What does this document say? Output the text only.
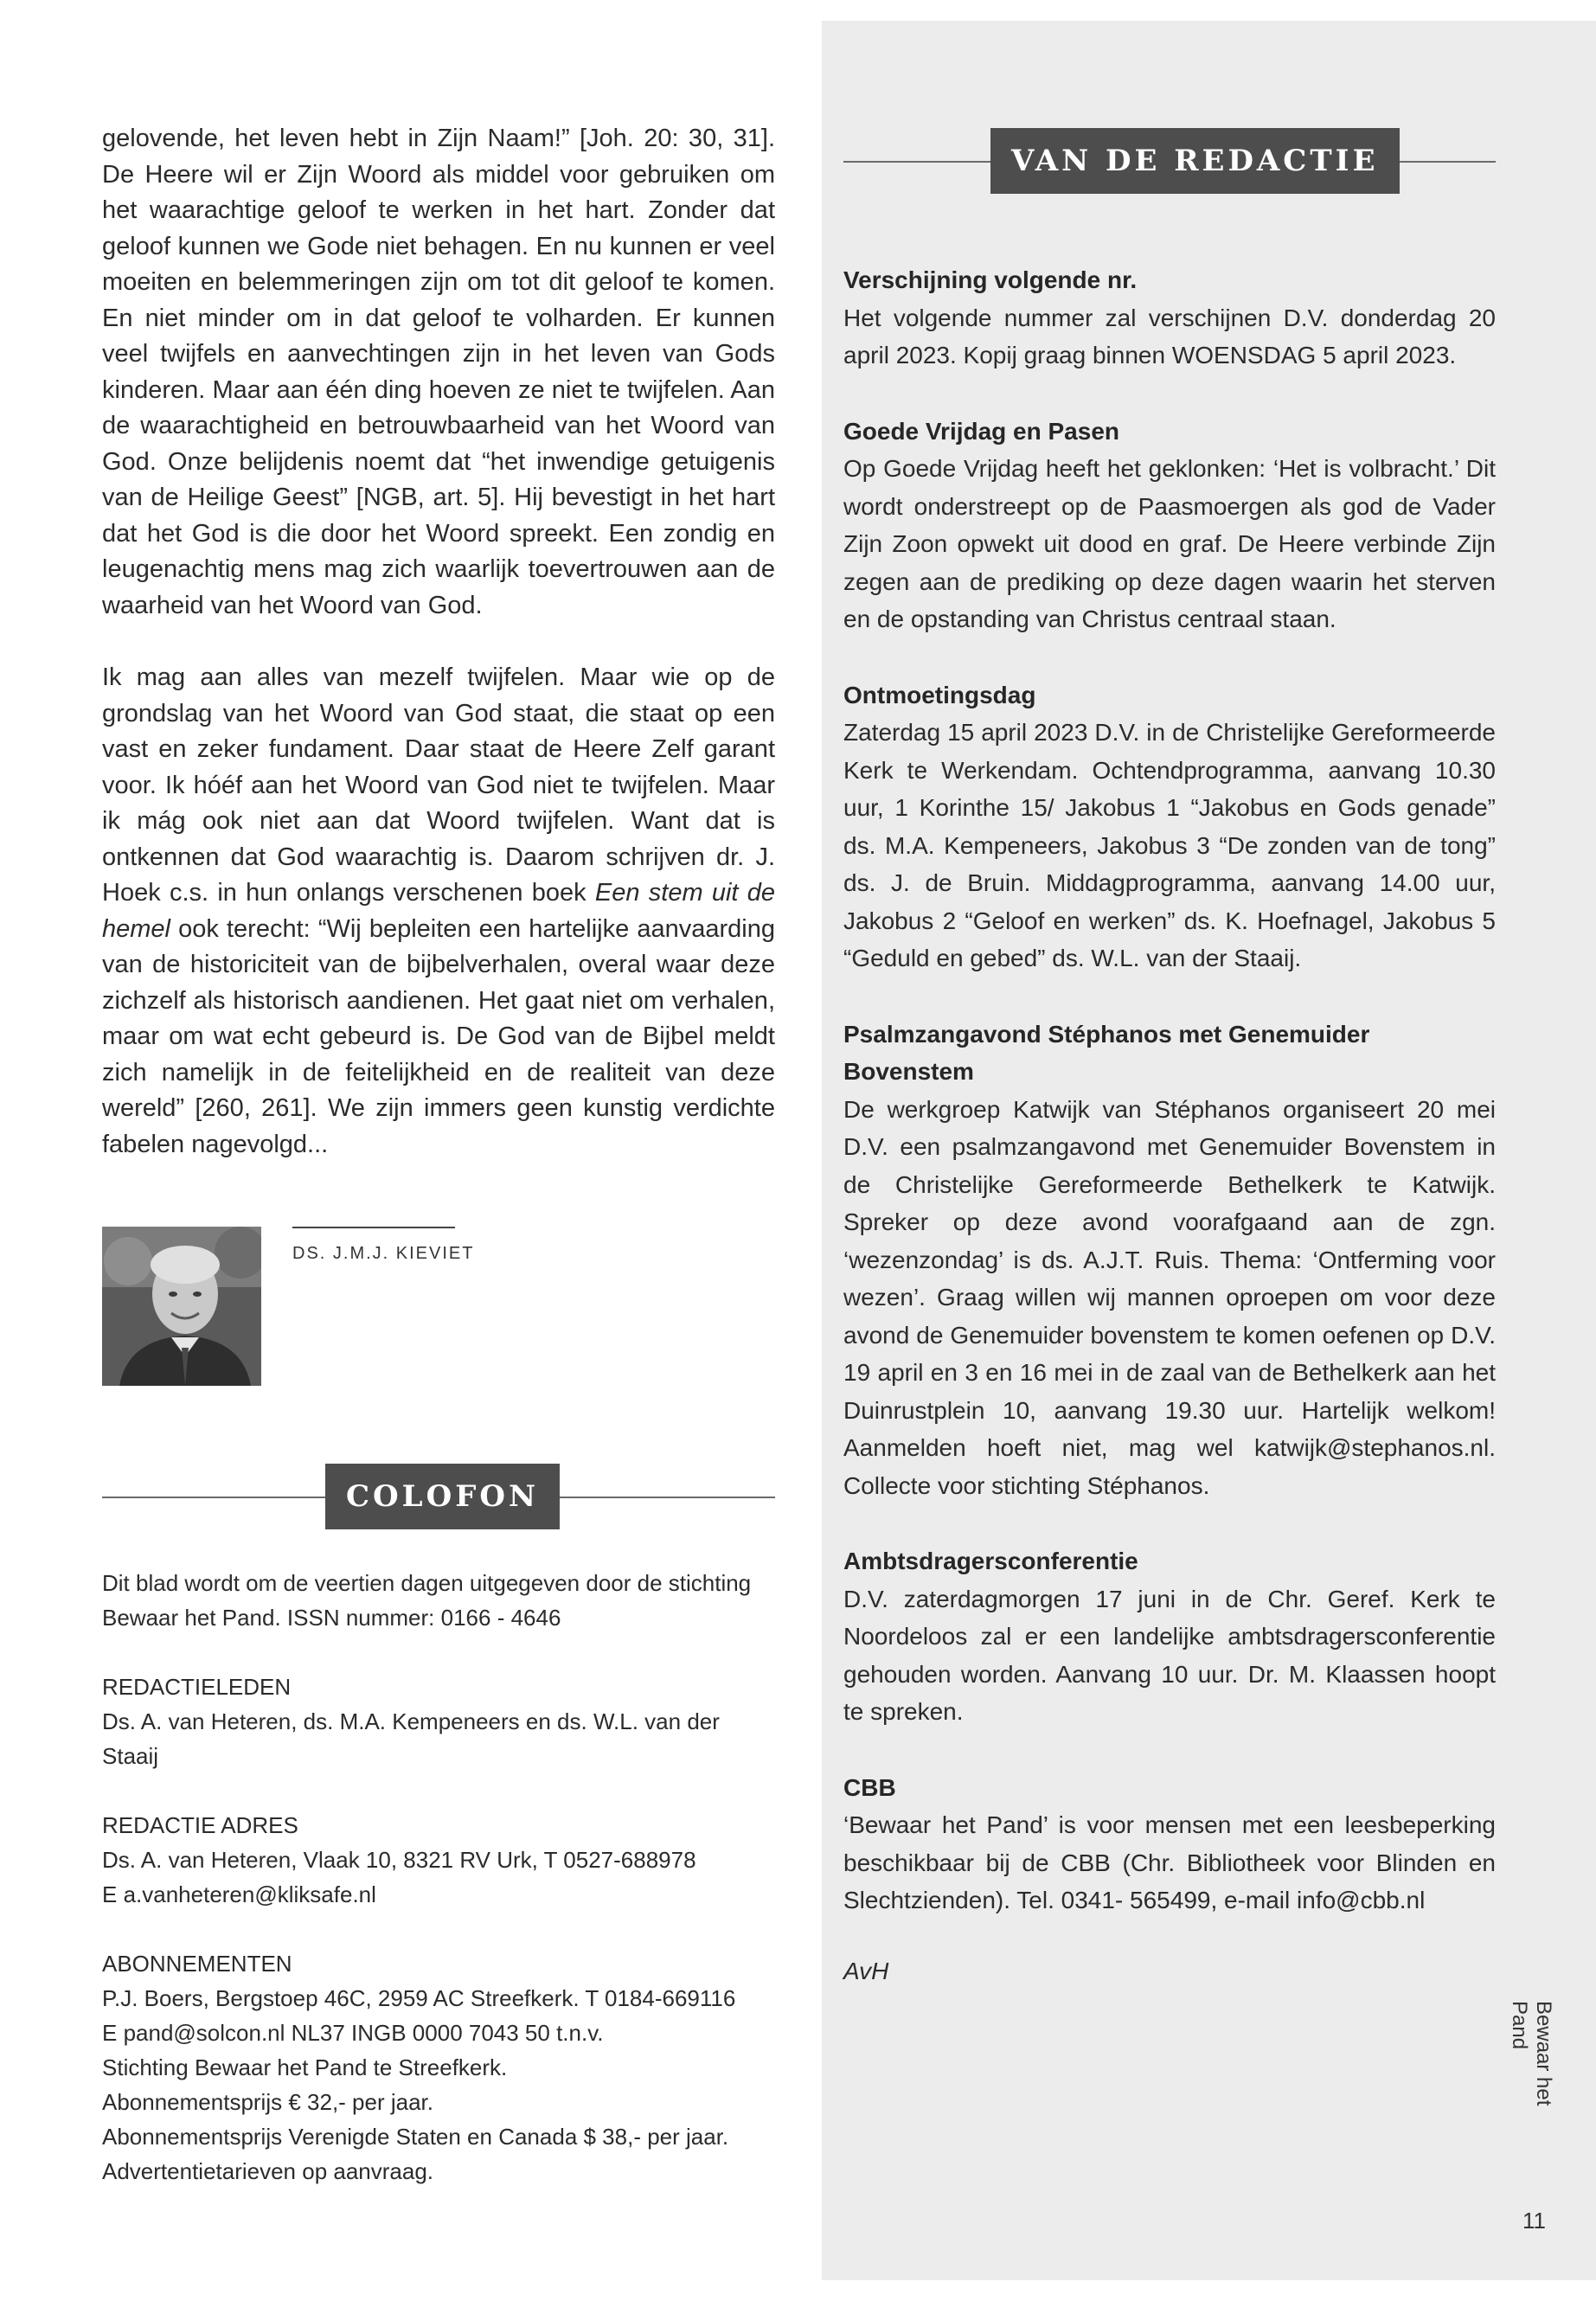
gelovende, het leven hebt in Zijn Naam!” [Joh. 20: 30, 31]. De Heere wil er Zijn Woord als middel voor gebruiken om het waarachtige geloof te werken in het hart. Zonder dat geloof kunnen we Gode niet behagen. En nu kunnen er veel moeiten en belemmeringen zijn om tot dit geloof te komen. En niet minder om in dat geloof te volharden. Er kunnen veel twijfels en aanvechtingen zijn in het leven van Gods kinderen. Maar aan één ding hoeven ze niet te twijfelen. Aan de waarachtigheid en betrouwbaarheid van het Woord van God. Onze belijdenis noemt dat “het inwendige getuigenis van de Heilige Geest” [NGB, art. 5]. Hij bevestigt in het hart dat het God is die door het Woord spreekt. Een zondig en leugenachtig mens mag zich waarlijk toevertrouwen aan de waarheid van het Woord van God.

Ik mag aan alles van mezelf twijfelen. Maar wie op de grondslag van het Woord van God staat, die staat op een vast en zeker fundament. Daar staat de Heere Zelf garant voor. Ik hóéf aan het Woord van God niet te twijfelen. Maar ik mág ook niet aan dat Woord twijfelen. Want dat is ontkennen dat God waarachtig is. Daarom schrijven dr. J. Hoek c.s. in hun onlangs verschenen boek Een stem uit de hemel ook terecht: “Wij bepleiten een hartelijke aanvaarding van de historiciteit van de bijbelverhalen, overal waar deze zichzelf als historisch aandienen. Het gaat niet om verhalen, maar om wat echt gebeurd is. De God van de Bijbel meldt zich namelijk in de feitelijkheid en de realiteit van deze wereld” [260, 261]. We zijn immers geen kunstig verdichte fabelen nagevolgd...

DS. J.M.J. KIEVIET
COLOFON

Dit blad wordt om de veertien dagen uitgegeven door de stichting Bewaar het Pand. ISSN nummer: 0166 - 4646

REDACTIELEDEN

Ds. A. van Heteren, ds. M.A. Kempeneers en ds. W.L. van der Staaij

REDACTIE ADRES

Ds. A. van Heteren, Vlaak 10, 8321 RV Urk, T 0527-688978

E a.vanheteren@kliksafe.nl

ABONNEMENTEN

P.J. Boers, Bergstoep 46C, 2959 AC Streefkerk. T 0184-669116

E pand@solcon.nl NL37 INGB 0000 7043 50 t.n.v.

Stichting Bewaar het Pand te Streefkerk.

Abonnementsprijs € 32,- per jaar.

Abonnementsprijs Verenigde Staten en Canada $ 38,- per jaar.

Advertentietarieven op aanvraag.

VAN DE REDACTIE

Verschijning volgende nr.

Het volgende nummer zal verschijnen D.V. donderdag 20 april 2023. Kopij graag binnen WOENSDAG 5 april 2023.

Goede Vrijdag en Pasen

Op Goede Vrijdag heeft het geklonken: ‘Het is volbracht.’ Dit wordt onderstreept op de Paasmoergen als god de Vader Zijn Zoon opwekt uit dood en graf. De Heere verbinde Zijn zegen aan de prediking op deze dagen waarin het sterven en de opstanding van Christus centraal staan.

Ontmoetingsdag

Zaterdag 15 april 2023 D.V. in de Christelijke Gereformeerde Kerk te Werkendam. Ochtendprogramma, aanvang 10.30 uur, 1 Korinthe 15/ Jakobus 1 “Jakobus en Gods genade” ds. M.A. Kempeneers, Jakobus 3 “De zonden van de tong” ds. J. de Bruin. Middagprogramma, aanvang 14.00 uur, Jakobus 2 “Geloof en werken” ds. K. Hoefnagel, Jakobus 5 “Geduld en gebed” ds. W.L. van der Staaij.

Psalmzangavond Stéphanos met Genemuider Bovenstem

De werkgroep Katwijk van Stéphanos organiseert 20 mei D.V. een psalmzangavond met Genemuider Bovenstem in de Christelijke Gereformeerde Bethelkerk te Katwijk. Spreker op deze avond voorafgaand aan de zgn. ‘wezenzondag’ is ds. A.J.T. Ruis. Thema: ‘Ontferming voor wezen’. Graag willen wij mannen oproepen om voor deze avond de Genemuider bovenstem te komen oefenen op D.V. 19 april en 3 en 16 mei in de zaal van de Bethelkerk aan het Duinrustplein 10, aanvang 19.30 uur. Hartelijk welkom! Aanmelden hoeft niet, mag wel katwijk@stephanos.nl. Collecte voor stichting Stéphanos.

Ambtsdragersconferentie

D.V. zaterdagmorgen 17 juni in de Chr. Geref. Kerk te Noordeloos zal er een landelijke ambtsdragersconferentie gehouden worden. Aanvang 10 uur. Dr. M. Klaassen hoopt te spreken.

CBB

‘Bewaar het Pand’ is voor mensen met een leesbeperking beschikbaar bij de CBB (Chr. Bibliotheek voor Blinden en Slechtzienden). Tel. 0341- 565499, e-mail info@cbb.nl

AvH
Bewaar het Pand
11
